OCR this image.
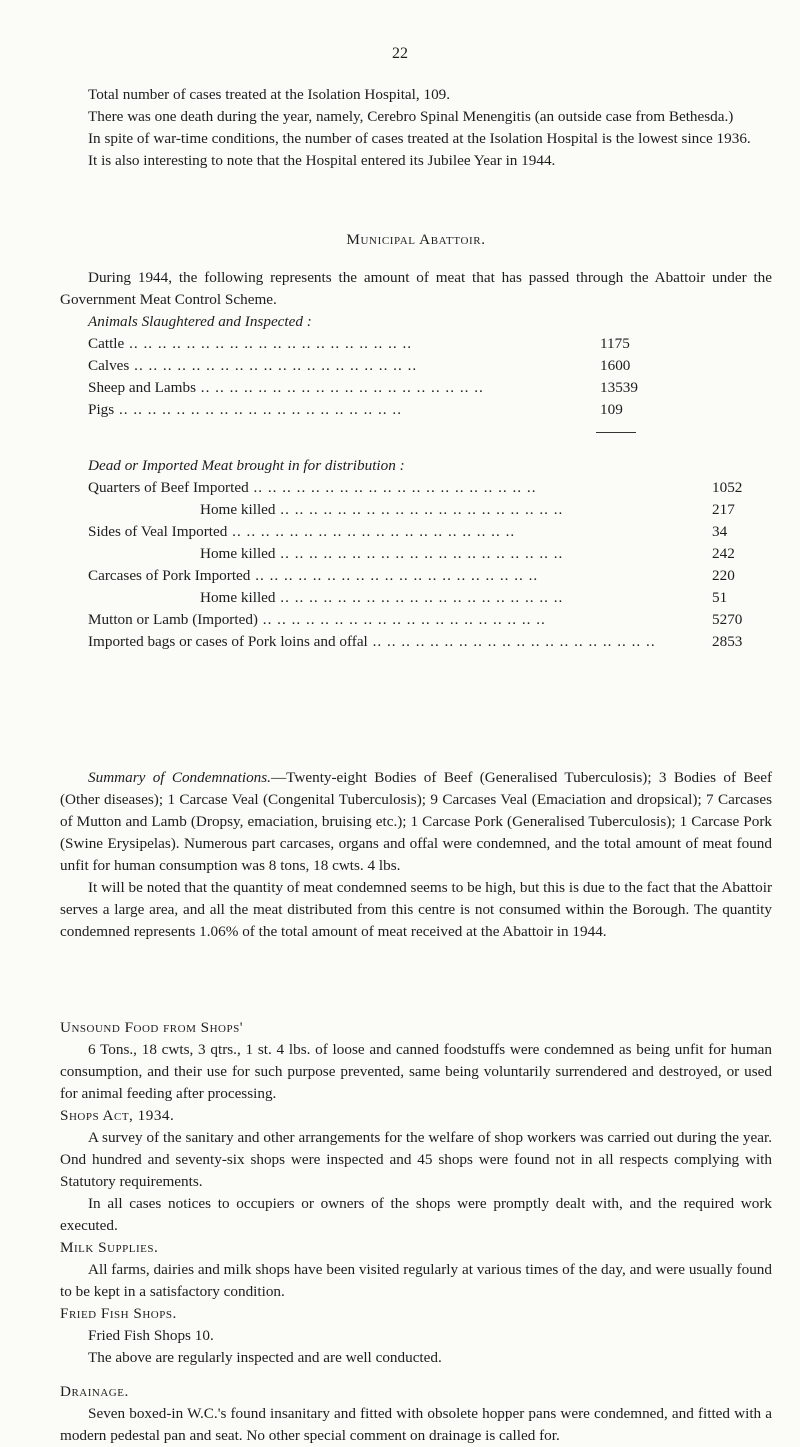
22

Total number of cases treated at the Isolation Hospital, 109.

There was one death during the year, namely, Cerebro Spinal Menengitis (an outside case from Bethesda.)

In spite of war-time conditions, the number of cases treated at the Isolation Hospital is the lowest since 1936.

It is also interesting to note that the Hospital entered its Jubilee Year in 1944.

Municipal Abattoir.

During 1944, the following represents the amount of meat that has passed through the Abattoir under the Government Meat Control Scheme.

Animals Slaughtered and Inspected :

Cattle .. ..	1175
Calves .. ..	1600
Sheep and Lambs .. ..	13539
Pigs .. ..	109

Dead or Imported Meat brought in for distribution :

Quarters of Beef Imported .. ..	1052
Home killed .. ..	217
Sides of Veal Imported .. ..	34
Home killed .. ..	242
Carcases of Pork Imported .. ..	220
Home killed .. ..	51
Mutton or Lamb (Imported) .. ..	5270
Imported bags or cases of Pork loins and offal .. ..	2853

Summary of Condemnations.—Twenty-eight Bodies of Beef (Generalised Tuberculosis); 3 Bodies of Beef (Other diseases); 1 Carcase Veal (Congenital Tuberculosis); 9 Carcases Veal (Emaciation and dropsical); 7 Carcases of Mutton and Lamb (Dropsy, emaciation, bruising etc.); 1 Carcase Pork (Generalised Tuberculosis); 1 Carcase Pork (Swine Erysipelas). Numerous part carcases, organs and offal were condemned, and the total amount of meat found unfit for human consumption was 8 tons, 18 cwts. 4 lbs.

It will be noted that the quantity of meat condemned seems to be high, but this is due to the fact that the Abattoir serves a large area, and all the meat distributed from this centre is not consumed within the Borough. The quantity condemned represents 1.06% of the total amount of meat received at the Abattoir in 1944.

Unsound Food from Shops'

6 Tons., 18 cwts, 3 qtrs., 1 st. 4 lbs. of loose and canned foodstuffs were condemned as being unfit for human consumption, and their use for such purpose prevented, same being voluntarily surrendered and destroyed, or used for animal feeding after processing.

Shops Act, 1934.

A survey of the sanitary and other arrangements for the welfare of shop workers was carried out during the year. Ond hundred and seventy-six shops were inspected and 45 shops were found not in all respects complying with Statutory requirements.

In all cases notices to occupiers or owners of the shops were promptly dealt with, and the required work executed.

Milk Supplies.

All farms, dairies and milk shops have been visited regularly at various times of the day, and were usually found to be kept in a satisfactory condition.

Fried Fish Shops.

Fried Fish Shops 10.

The above are regularly inspected and are well conducted.

Drainage.

Seven boxed-in W.C.'s found insanitary and fitted with obsolete hopper pans were condemned, and fitted with a modern pedestal pan and seat. No other special comment on drainage is called for.
